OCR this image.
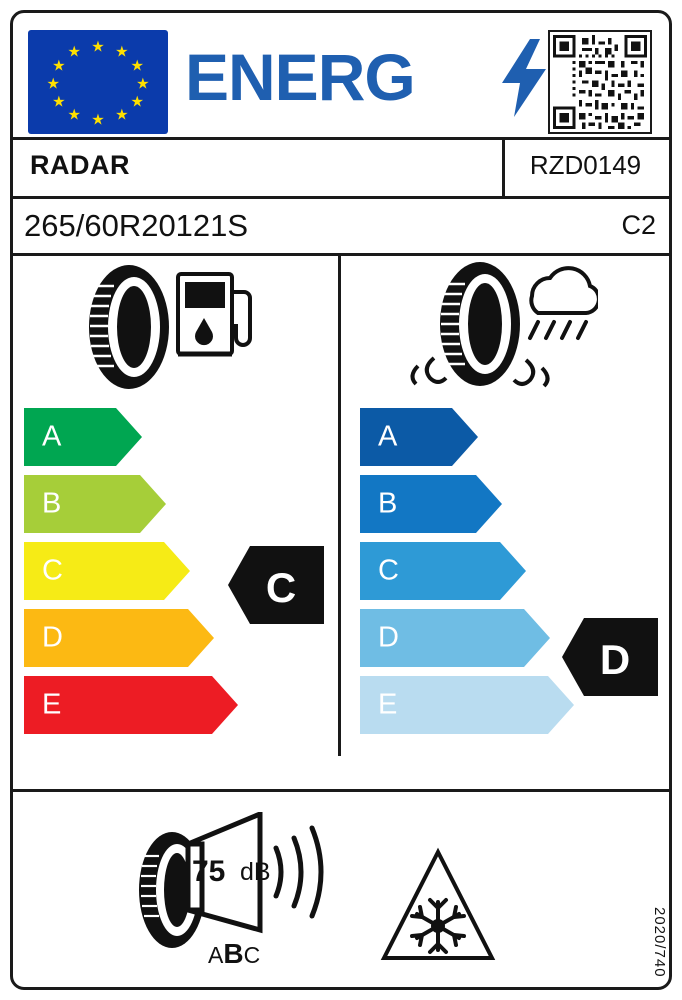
★ ★
★
★
★
★
★
★
★
★
★
★ ENERG
RADAR	RZD0149
265/60R20121S	C2
A
B
C
D
E
A
B
C
D
E
C
D
75 dB
ABC	2020/740
